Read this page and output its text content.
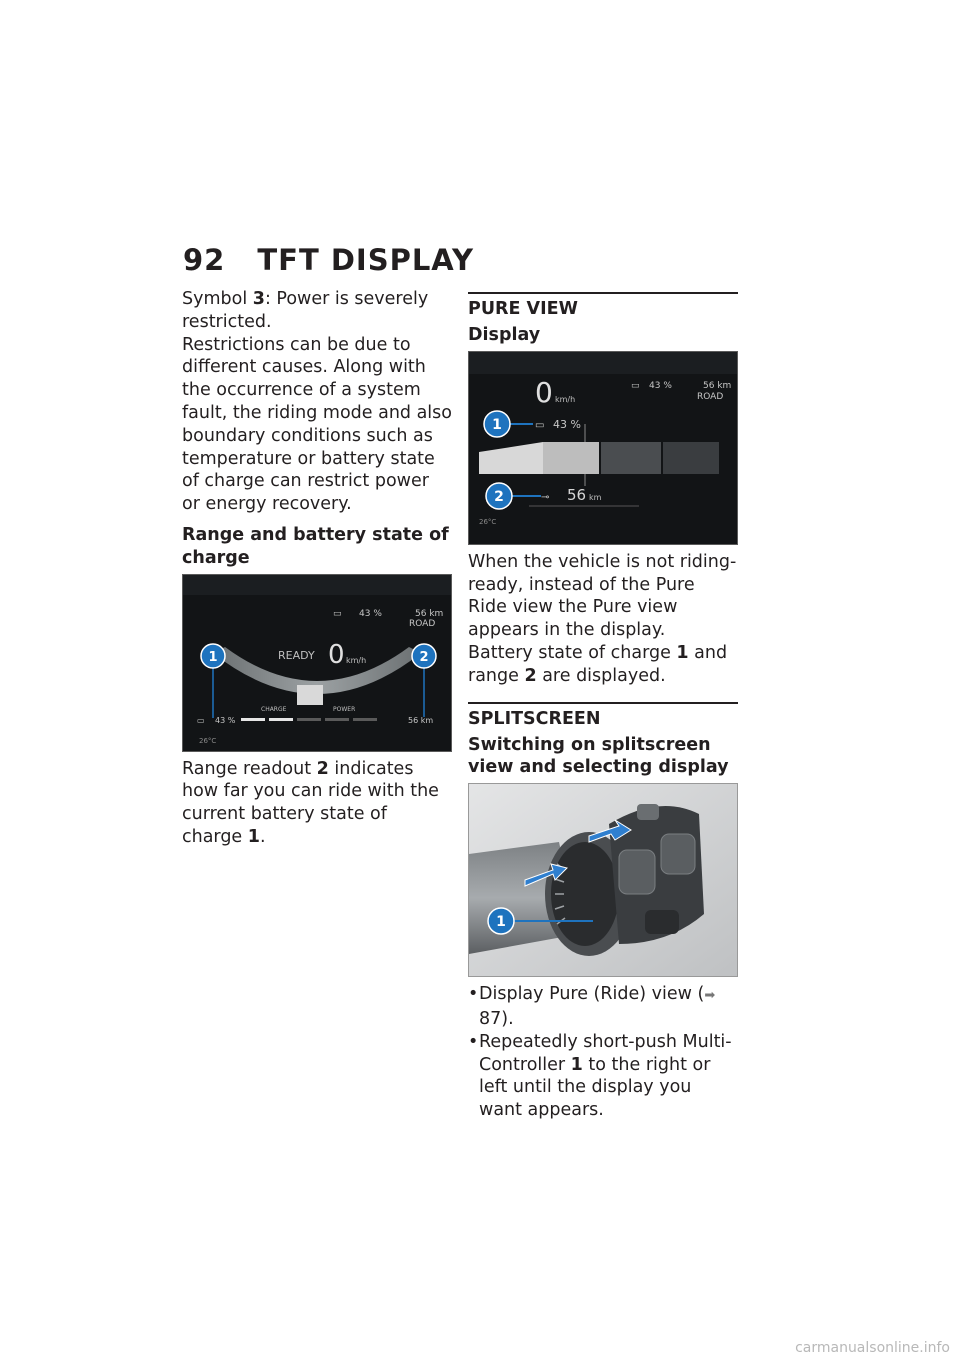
92 TFT DISPLAY

Symbol 3: Power is severely restricted.

Restrictions can be due to different causes. Along with the occurrence of a system fault, the riding mode and also boundary conditions such as temperature or battery state of charge can restrict power or energy recovery.

Range and battery state of charge

▭ 43 %	56 km
ROAD
READY 0 km/h
CHARGE	POWER
▭ 43 %	56 km
26°C
1	2

Range readout 2 indicates how far you can ride with the current battery state of charge 1.

PURE VIEW

Display

0 km/h
▭ 43 %	56 km
ROAD
▭ 43 %
⊸ 56 km
26°C
1
2

When the vehicle is not riding-ready, instead of the Pure Ride view the Pure view appears in the display.

Battery state of charge 1 and range 2 are displayed.

SPLITSCREEN

Switching on splitscreen view and selecting display

1
• Display Pure (Ride) view (➡ 87).
• Repeatedly short-push Multi-Controller 1 to the right or left until the display you want appears.
carmanualsonline.info
